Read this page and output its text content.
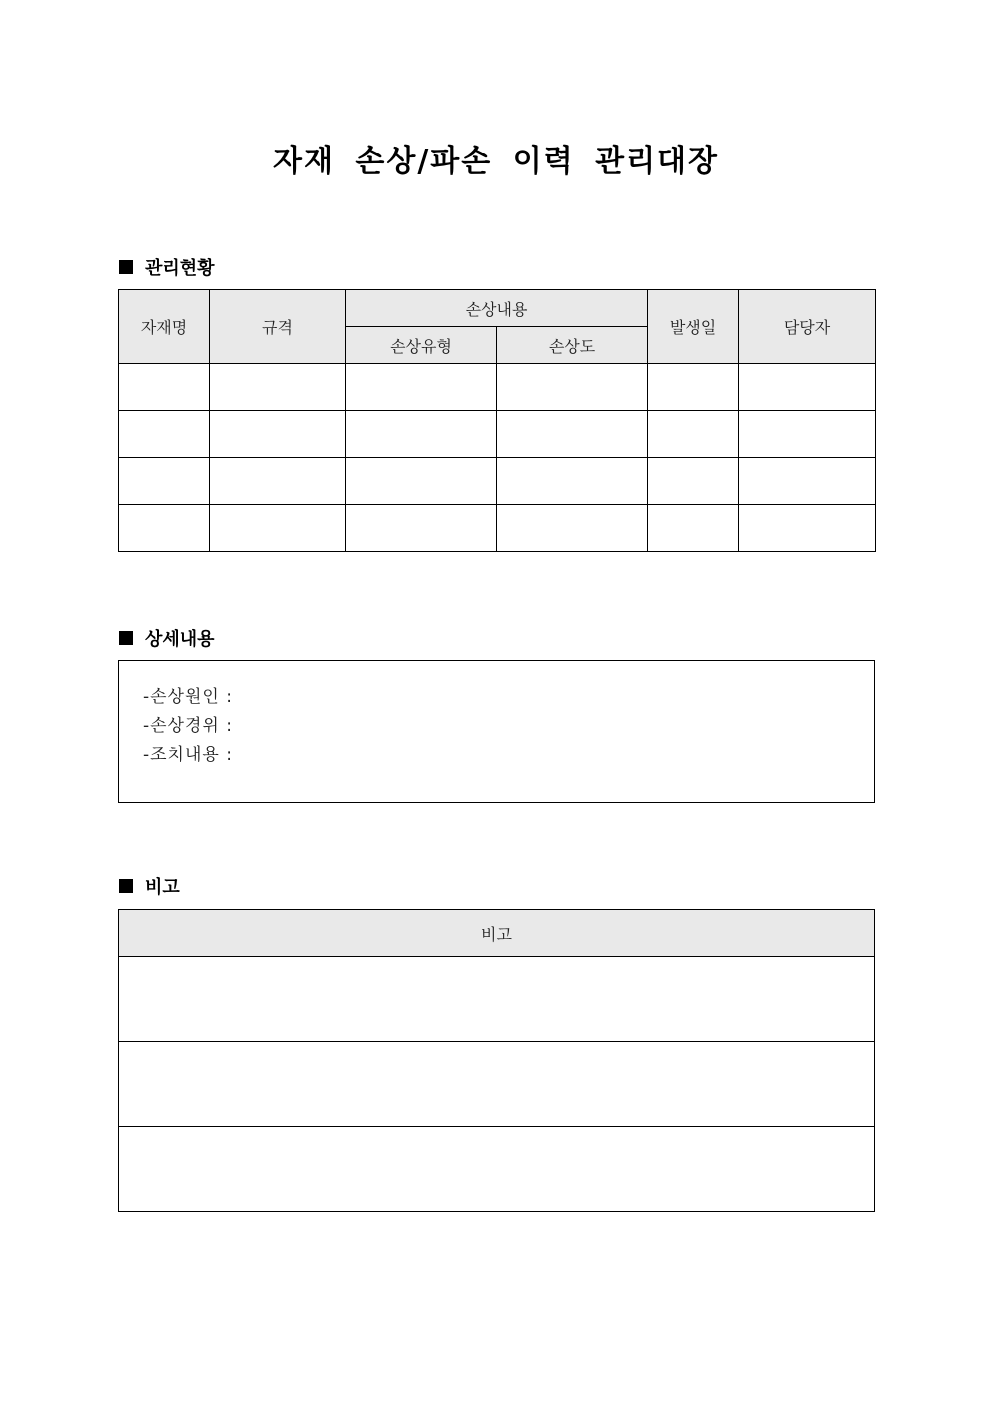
자재 손상/파손 이력 관리대장
관리현황
자재명	규격	손상내용		발생일	담당자
		손상유형	손상도		

상세내용
-손상원인 :
-손상경위 :
-조치내용 :
비고
비고
